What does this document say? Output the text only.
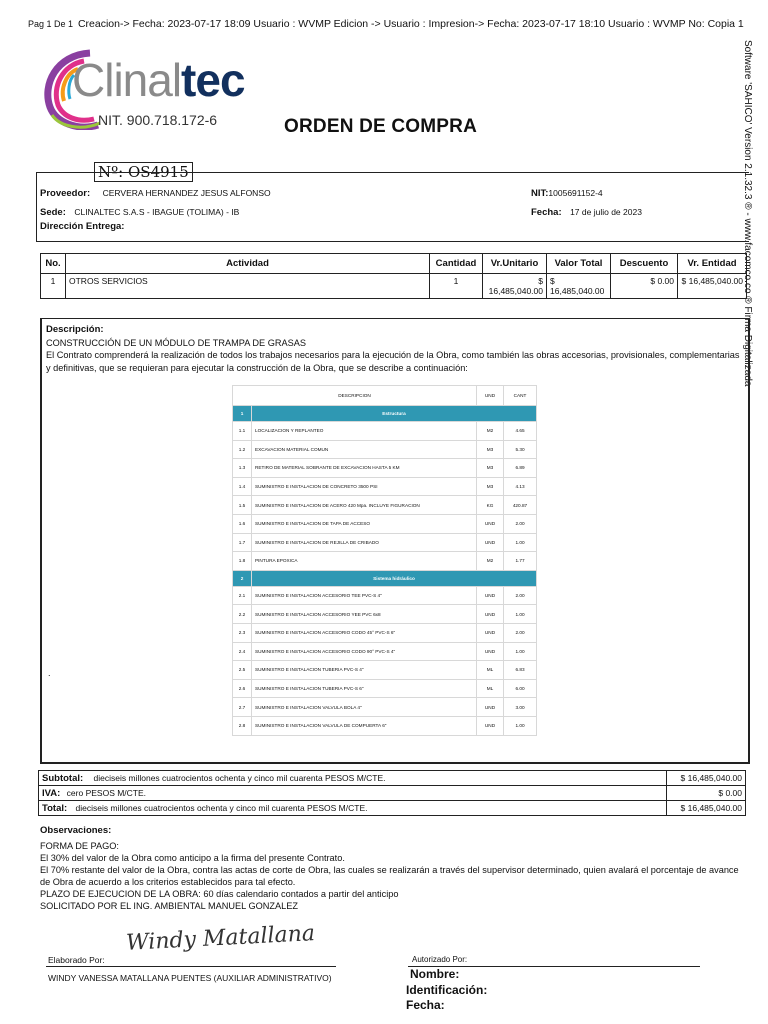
Pag 1 De 1 Creacion-> Fecha: 2023-07-17 18:09 Usuario : WVMP Edicion -> Usuario : Impresion-> Fecha: 2023-07-17 18:10 Usuario : WVMP No: Copia 1
Software 'SAHICO' Version 2.1.32.3 ® - www.facomco.co ® Firma Digitalizada
Clinaltec
NIT. 900.718.172-6	ORDEN DE COMPRA
Nº: OS4915
Proveedor: CERVERA HERNANDEZ JESUS ALFONSO	NIT:1005691152-4
Sede: CLINALTEC S.A.S - IBAGUE (TOLIMA) - IB	Fecha: 17 de julio de 2023
Dirección Entrega:
No.	Actividad	Cantidad	Vr.Unitario	Valor Total	Descuento	Vr. Entidad
1	OTROS SERVICIOS	1	$ 16,485,040.00	$ 16,485,040.00	$ 0.00	$ 16,485,040.00
Descripción:
CONSTRUCCIÓN DE UN MÓDULO DE TRAMPA DE GRASAS
El Contrato comprenderá la realización de todos los trabajos necesarios para la ejecución de la Obra, como también las obras accesorias, provisionales, complementarias y definitivas, que se requieran para ejecutar la construcción de la Obra, que se describe a continuación:
.
DESCRIPCION		UND	CANT
1	Estructura		
1.1	LOCALIZACION Y REPLANTEO	M2	4.65
1.2	EXCAVACION MATERIAL COMUN	M3	5.30
1.3	RETIRO DE MATERIAL SOBRANTE DE EXCAVACION HASTA 5 KM	M3	6.89
1.4	SUMINISTRO E INSTALACION DE CONCRETO 3500 PSI	M3	4.13
1.5	SUMINISTRO E INSTALACION DE ACERO 420 Mpa. INCLUYE FIGURACION	KG	420.87
1.6	SUMINISTRO E INSTALACION DE TAPA DE ACCESO	UND	2.00
1.7	SUMINISTRO E INSTALACION DE REJILLA DE CRIBADO	UND	1.00
1.8	PINTURA EPOXICA	M2	1.77
2	Sistema hidráulico		
2.1	SUMINISTRO E INSTALACION ACCESORIO TEE PVC-S 4"	UND	2.00
2.2	SUMINISTRO E INSTALACION ACCESORIO YEE PVC 6x8	UND	1.00
2.3	SUMINISTRO E INSTALACION ACCESORIO CODO 45° PVC-S 6"	UND	2.00
2.4	SUMINISTRO E INSTALACION ACCESORIO CODO 90° PVC-S 4"	UND	1.00
2.5	SUMINISTRO E INSTALACION TUBERIA PVC-S 4"	ML	6.83
2.6	SUMINISTRO E INSTALACION TUBERIA PVC-S 6"	ML	6.00
2.7	SUMINISTRO E INSTALACION VALVULA BOLA 4"	UND	3.00
2.8	SUMINISTRO E INSTALACION VALVULA DE COMPUERTA 6"	UND	1.00
Subtotal: dieciseis millones cuatrocientos ochenta y cinco mil cuarenta PESOS M/CTE.	$ 16,485,040.00
IVA: cero PESOS M/CTE.	$ 0.00
Total: dieciseis millones cuatrocientos ochenta y cinco mil cuarenta PESOS M/CTE.	$ 16,485,040.00
Observaciones:
FORMA DE PAGO:
El 30% del valor de la Obra como anticipo a la firma del presente Contrato.
El 70% restante del valor de la Obra, contra las actas de corte de Obra, las cuales se realizarán a través del supervisor determinado, quien avalará el porcentaje de avance de Obra de acuerdo a los criterios establecidos para tal efecto.
PLAZO DE EJECUCION DE LA OBRA: 60 días calendario contados a partir del anticipo
SOLICITADO POR EL ING. AMBIENTAL MANUEL GONZALEZ
Elaborado Por:
Windy Matallana
WINDY VANESSA MATALLANA PUENTES (AUXILIAR ADMINISTRATIVO)
Autorizado Por:
Nombre:
Identificación:
Fecha:
